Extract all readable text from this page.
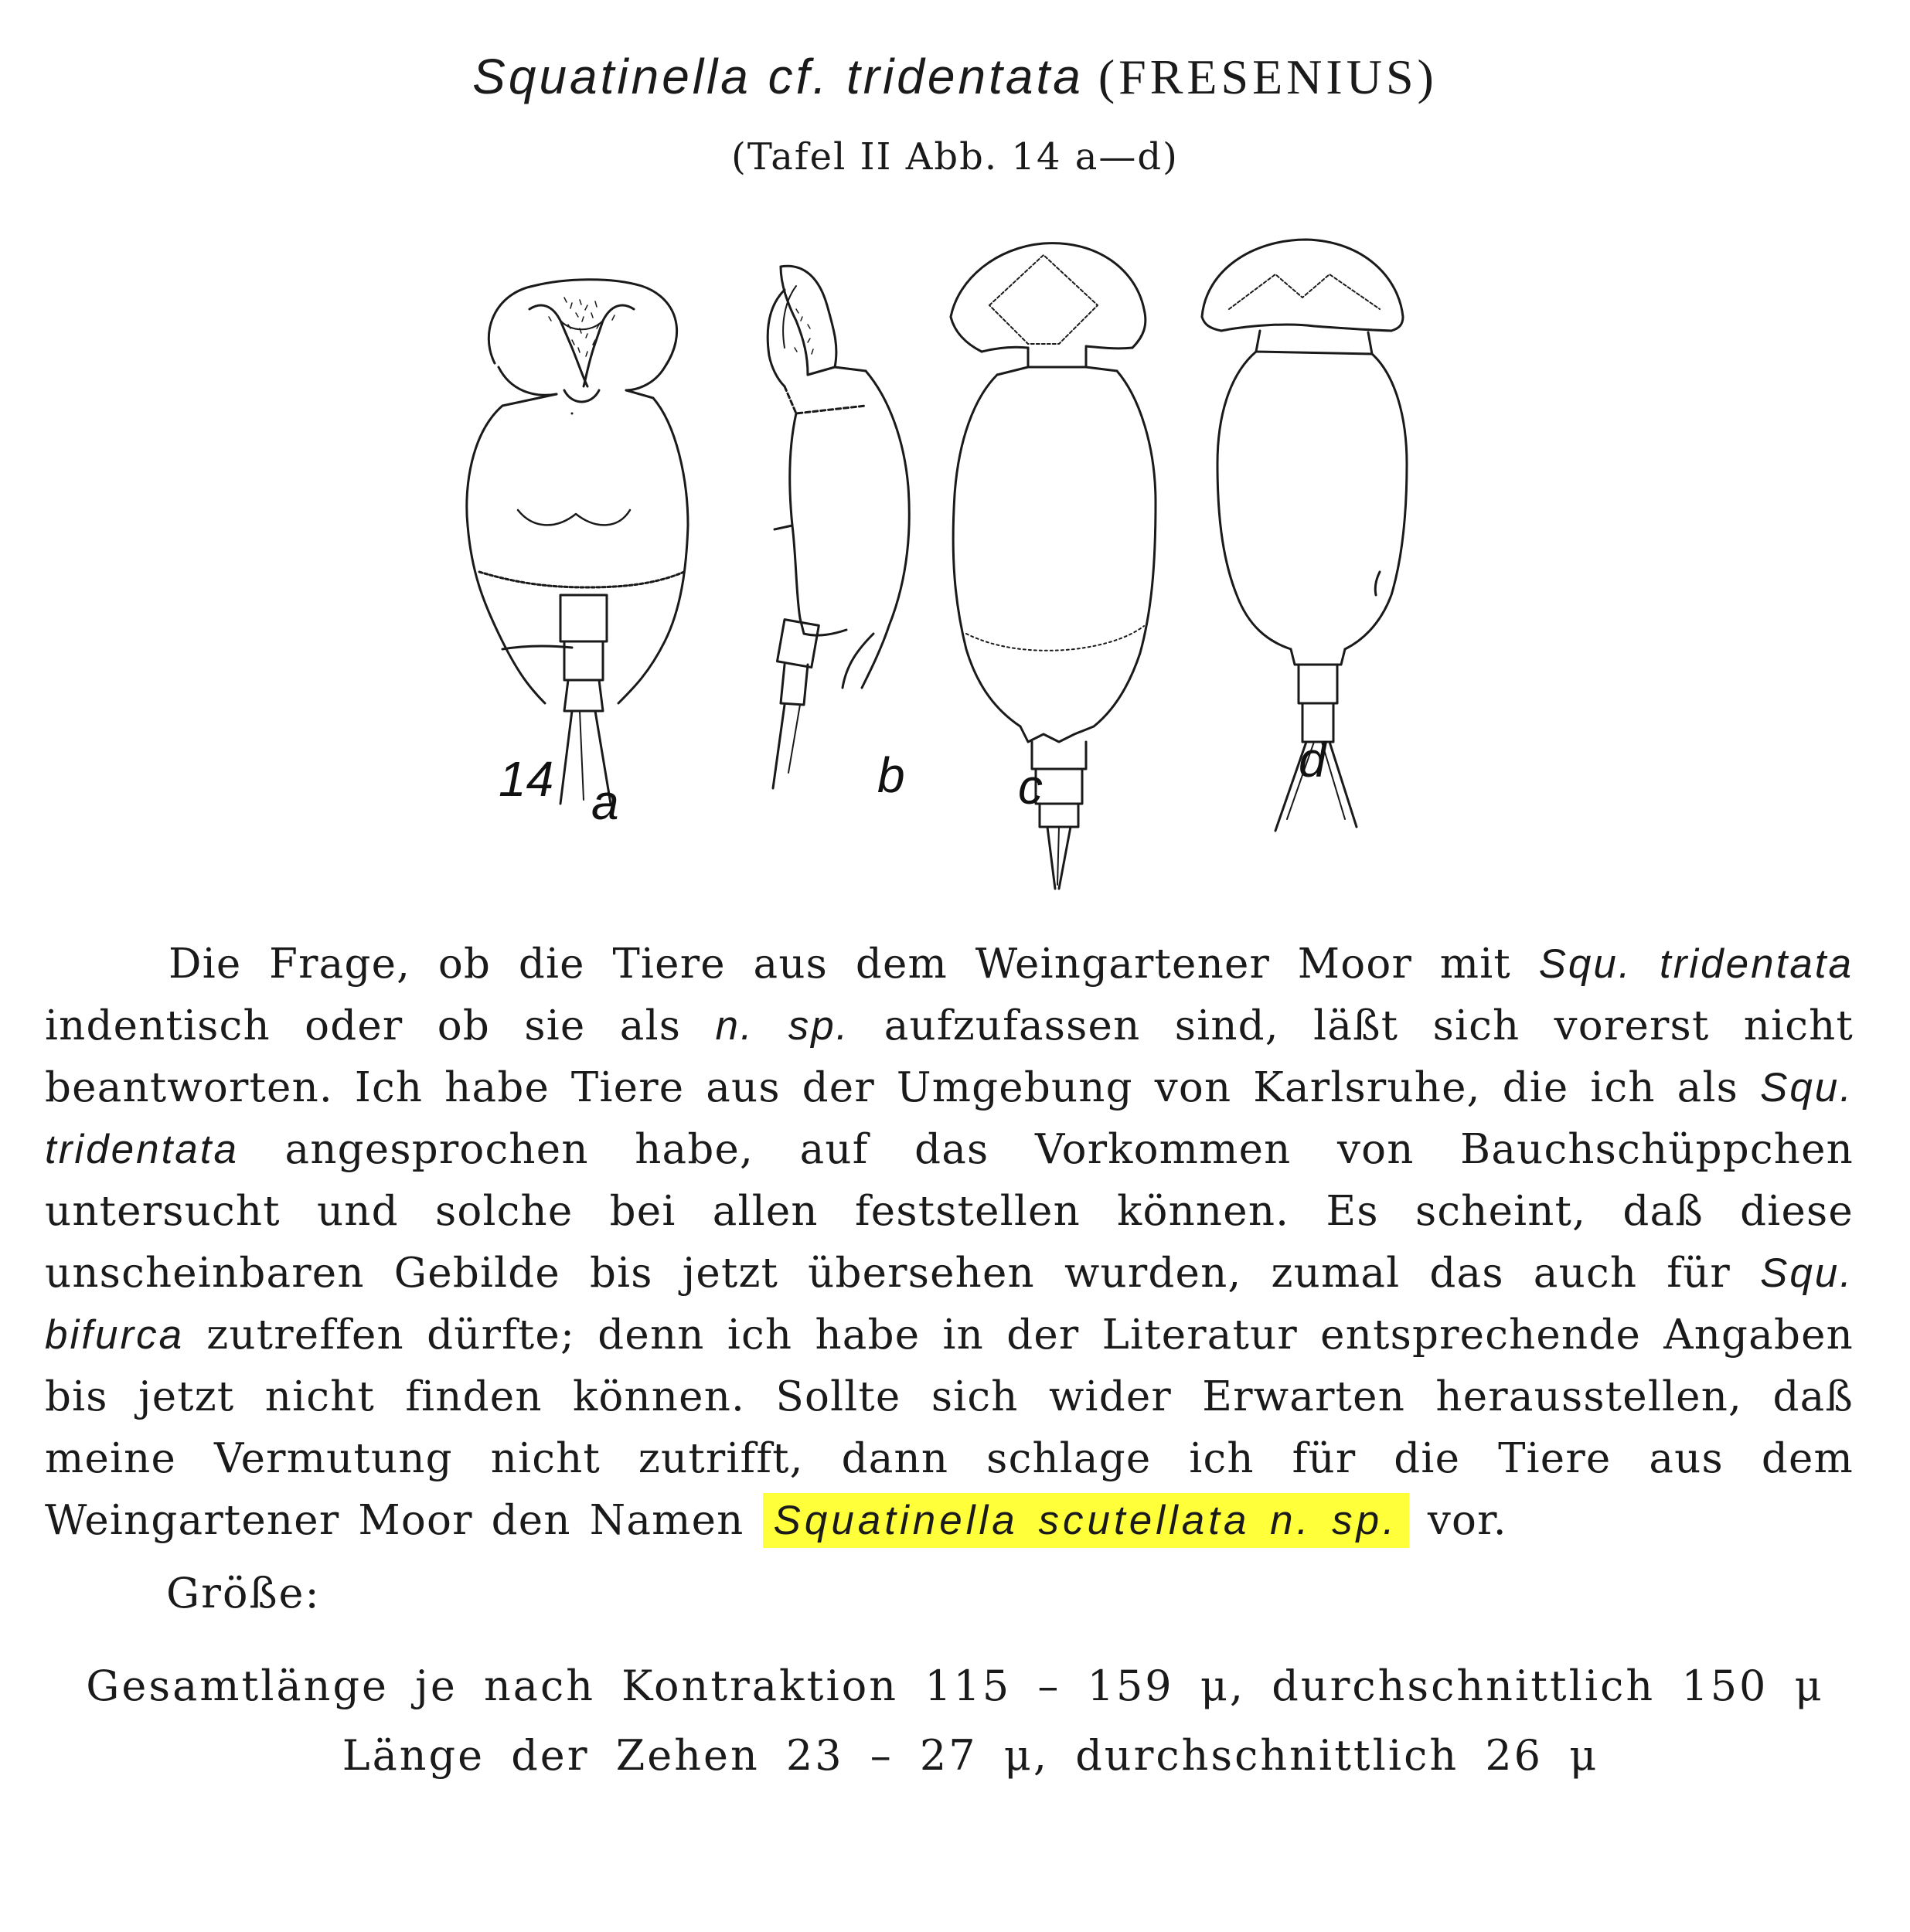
Squatinella cf. tridentata (FRESENIUS)
(Tafel II Abb. 14 a—d)
14 a	b c	d

Die Frage, ob die Tiere aus dem Weingartener Moor mit Squ. tridentata indentisch oder ob sie als n. sp. aufzufassen sind, läßt sich vorerst nicht beantworten. Ich habe Tiere aus der Umgebung von Karlsruhe, die ich als Squ. tridentata angesprochen habe, auf das Vorkommen von Bauchschüppchen untersucht und solche bei allen feststellen können. Es scheint, daß diese unscheinbaren Gebilde bis jetzt übersehen wurden, zumal das auch für Squ. bifurca zutreffen dürfte; denn ich habe in der Literatur entsprechende Angaben bis jetzt nicht finden können. Sollte sich wider Erwarten herausstellen, daß meine Vermutung nicht zutrifft, dann schlage ich für die Tiere aus dem Weingartener Moor den Namen Squatinella scutellata n. sp. vor.

Größe:
Gesamtlänge je nach Kontraktion 115 – 159 μ, durchschnittlich 150 μ
Länge der Zehen 23 – 27 μ, durchschnittlich 26 μ
